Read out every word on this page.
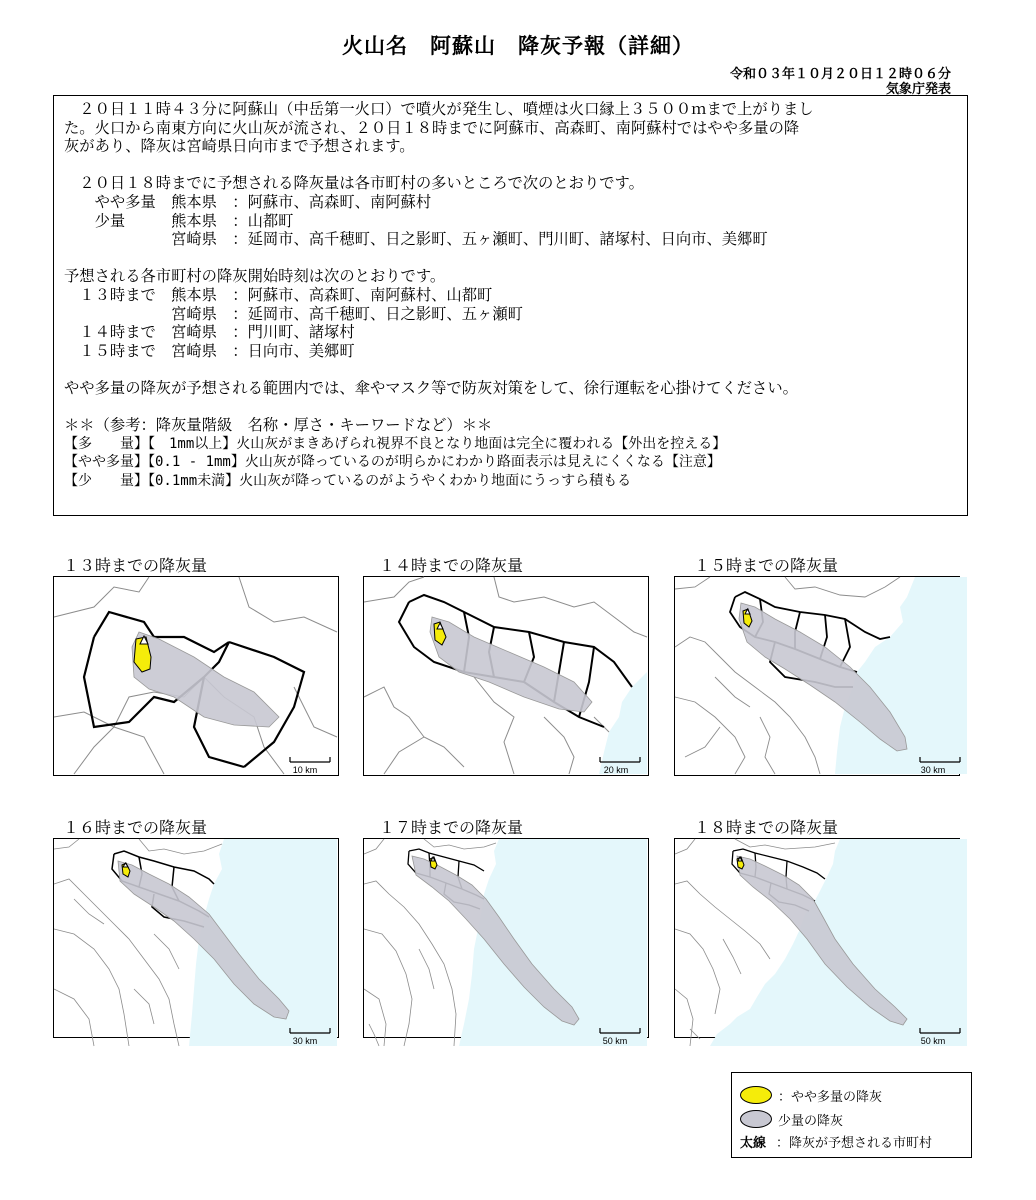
火山名　阿蘇山　降灰予報（詳細）
令和０３年１０月２０日１２時０６分
気象庁発表
　２０日１１時４３分に阿蘇山（中岳第一火口）で噴火が発生し、噴煙は火口縁上３５００ｍまで上がりまし
た。火口から南東方向に火山灰が流され、２０日１８時までに阿蘇市、高森町、南阿蘇村ではやや多量の降
灰があり、降灰は宮崎県日向市まで予想されます。
　２０日１８時までに予想される降灰量は各市町村の多いところで次のとおりです。
　　やや多量　熊本県　：阿蘇市、高森町、南阿蘇村
　　少量　　　熊本県　：山都町
　　　　　　　宮崎県　：延岡市、高千穂町、日之影町、五ヶ瀬町、門川町、諸塚村、日向市、美郷町
予想される各市町村の降灰開始時刻は次のとおりです。
　１３時まで　熊本県　：阿蘇市、高森町、南阿蘇村、山都町
　　　　　　　宮崎県　：延岡市、高千穂町、日之影町、五ヶ瀬町
　１４時まで　宮崎県　：門川町、諸塚村
　１５時まで　宮崎県　：日向市、美郷町
やや多量の降灰が予想される範囲内では、傘やマスク等で防灰対策をして、徐行運転を心掛けてください。
＊＊（参考：降灰量階級　名称・厚さ・キーワードなど）＊＊
【多　　量】【　1mm以上】火山灰がまきあげられ視界不良となり地面は完全に覆われる【外出を控える】
【やや多量】【0.1 - 1mm】火山灰が降っているのが明らかにわかり路面表示は見えにくくなる【注意】
【少　　量】【0.1mm未満】火山灰が降っているのがようやくわかり地面にうっすら積もる
１３時までの降灰量
10 km
１４時までの降灰量
20 km
１５時までの降灰量
30 km
１６時までの降灰量
30 km
１７時までの降灰量
50 km
１８時までの降灰量
50 km
：やや多量の降灰
少量の降灰
太線 ：降灰が予想される市町村
